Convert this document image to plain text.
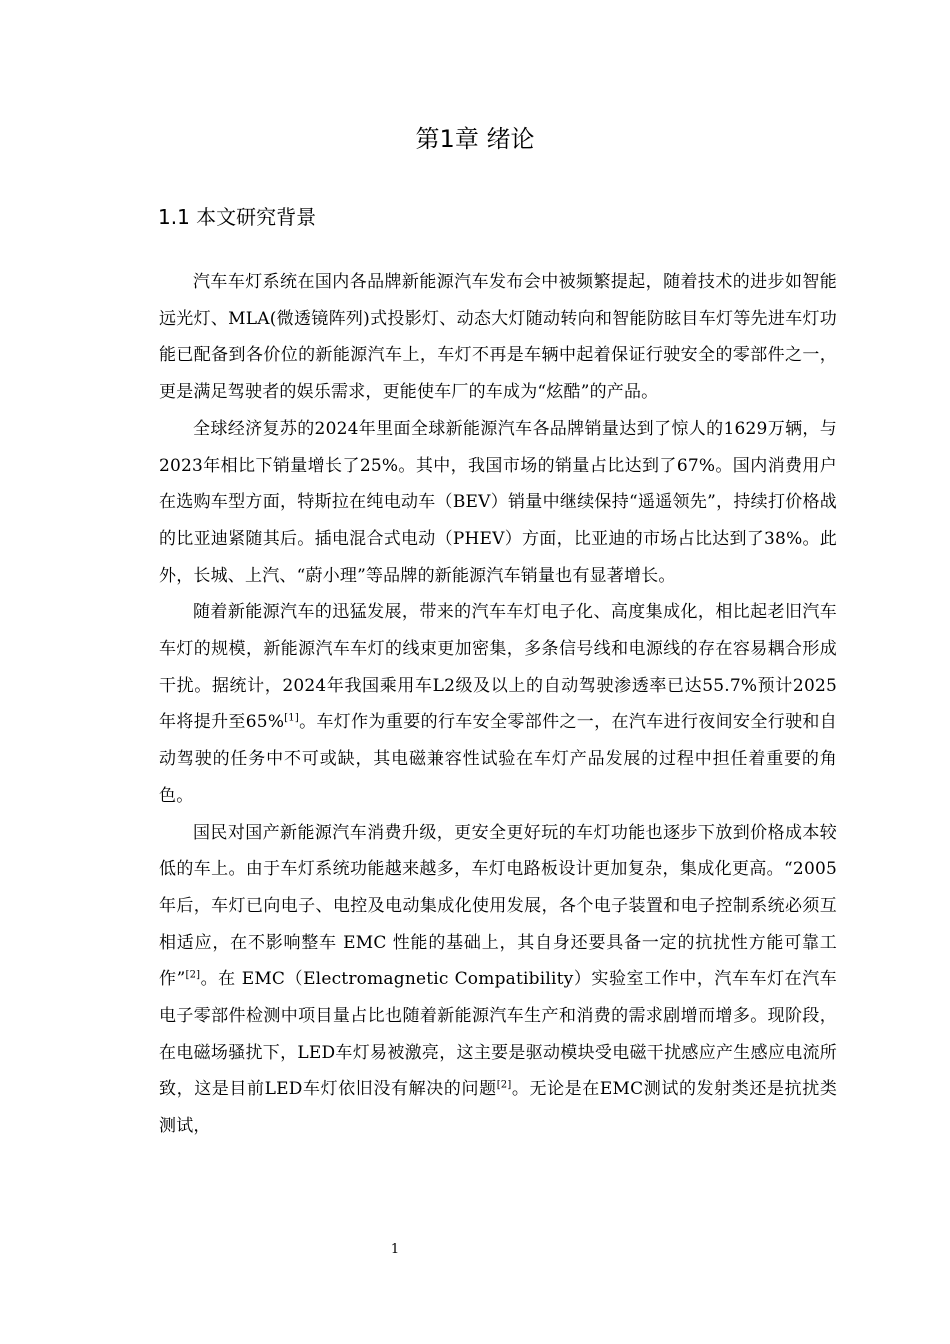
第1章 绪论
1.1 本文研究背景

汽车车灯系统在国内各品牌新能源汽车发布会中被频繁提起，随着技术的进步如智能远光灯、MLA(微透镜阵列)式投影灯、动态大灯随动转向和智能防眩目车灯等先进车灯功能已配备到各价位的新能源汽车上，车灯不再是车辆中起着保证行驶安全的零部件之一，更是满足驾驶者的娱乐需求，更能使车厂的车成为“炫酷”的产品。

全球经济复苏的2024年里面全球新能源汽车各品牌销量达到了惊人的1629万辆，与2023年相比下销量增长了25%。其中，我国市场的销量占比达到了67%。国内消费用户在选购车型方面，特斯拉在纯电动车（BEV）销量中继续保持“遥遥领先”，持续打价格战的比亚迪紧随其后。插电混合式电动（PHEV）方面，比亚迪的市场占比达到了38%。此外，长城、上汽、“蔚小理”等品牌的新能源汽车销量也有显著增长。

随着新能源汽车的迅猛发展，带来的汽车车灯电子化、高度集成化，相比起老旧汽车车灯的规模，新能源汽车车灯的线束更加密集，多条信号线和电源线的存在容易耦合形成干扰。据统计，2024年我国乘用车L2级及以上的自动驾驶渗透率已达55.7%预计2025年将提升至65%[1]。车灯作为重要的行车安全零部件之一，在汽车进行夜间安全行驶和自动驾驶的任务中不可或缺，其电磁兼容性试验在车灯产品发展的过程中担任着重要的角色。

国民对国产新能源汽车消费升级，更安全更好玩的车灯功能也逐步下放到价格成本较低的车上。由于车灯系统功能越来越多，车灯电路板设计更加复杂，集成化更高。“2005年后，车灯已向电子、电控及电动集成化使用发展，各个电子装置和电子控制系统必须互相适应，在不影响整车 EMC 性能的基础上，其自身还要具备一定的抗扰性方能可靠工作”[2]。在 EMC（Electromagnetic Compatibility）实验室工作中，汽车车灯在汽车电子零部件检测中项目量占比也随着新能源汽车生产和消费的需求剧增而增多。现阶段，在电磁场骚扰下，LED车灯易被激亮，这主要是驱动模块受电磁干扰感应产生感应电流所致，这是目前LED车灯依旧没有解决的问题[2]。无论是在EMC测试的发射类还是抗扰类测试，

1
